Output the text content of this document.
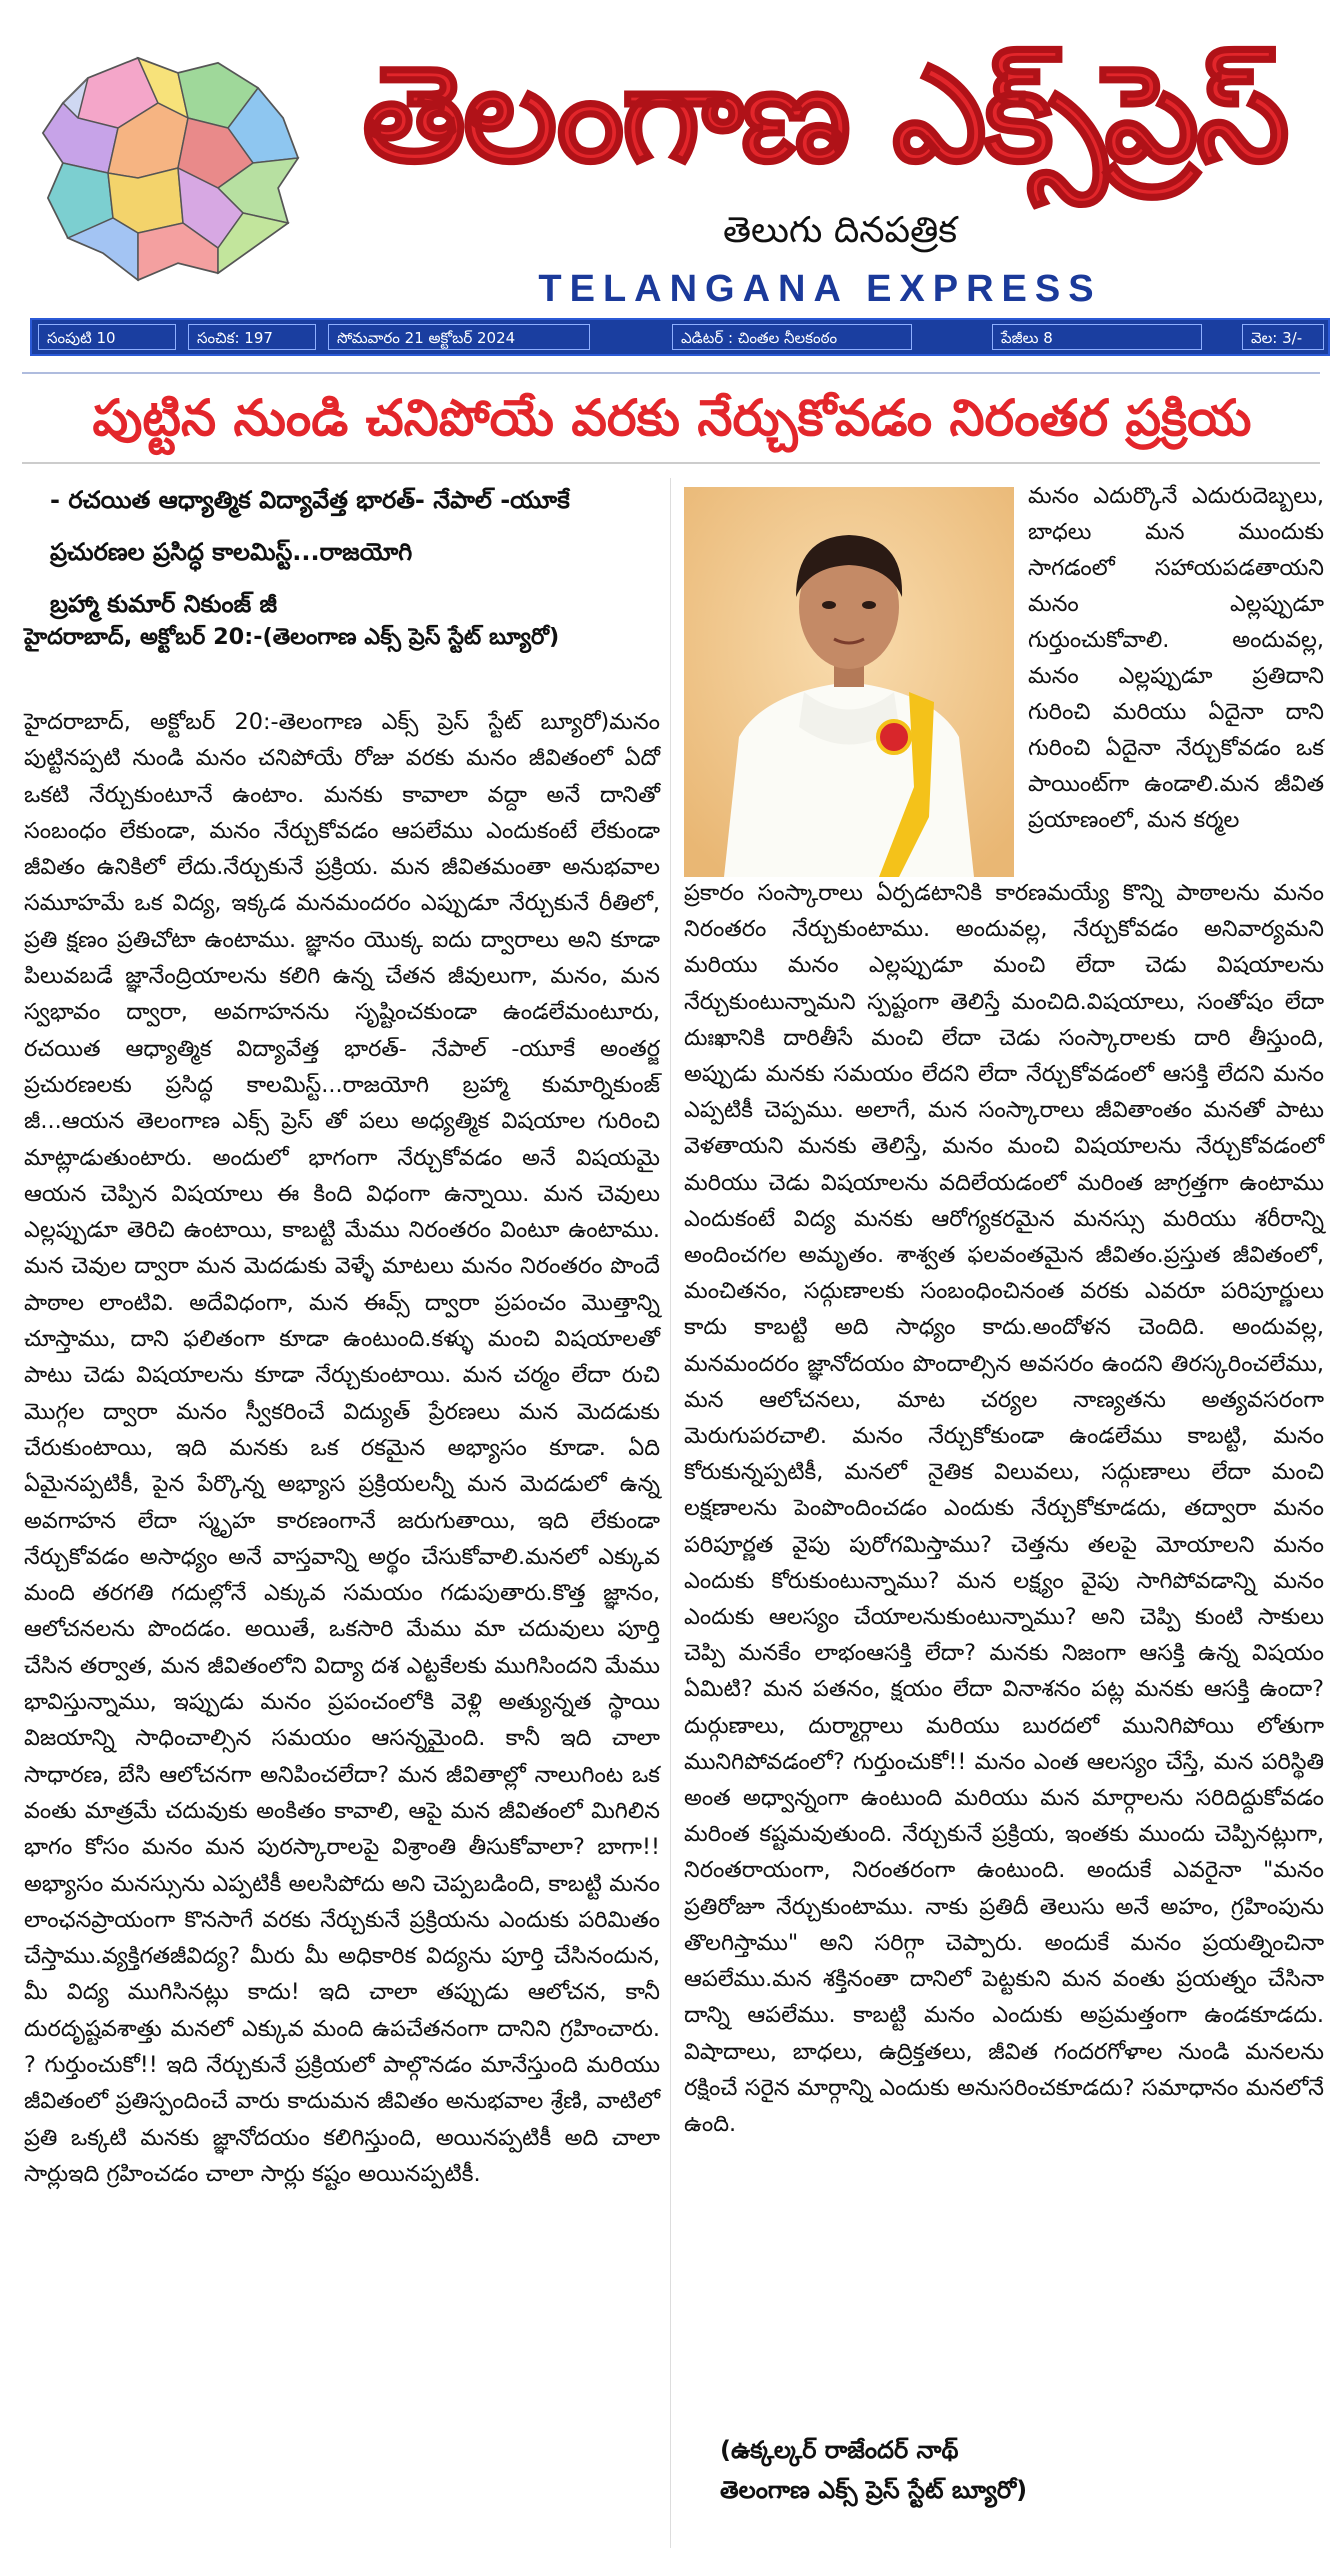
తెలంగాణ ఎక్స్‌ప్రెస్
తెలుగు దినపత్రిక
TELANGANA EXPRESS
సంపుటి 10	సంచిక: 197	సోమవారం 21 అక్టోబర్ 2024	ఎడిటర్ : చింతల నీలకంఠం	పేజీలు 8	వెల: 3/-
పుట్టిన నుండి చనిపోయే వరకు నేర్చుకోవడం నిరంతర ప్రక్రియ
- రచయిత ఆధ్యాత్మిక విద్యావేత్త భారత్- నేపాల్ -యూకే
ప్రచురణల ప్రసిద్ధ కాలమిస్ట్...రాజయోగి
బ్రహ్మా కుమార్ నికుంజ్ జీ
హైదరాబాద్, అక్టోబర్ 20:-(తెలంగాణ ఎక్స్ ప్రెస్ స్టేట్ బ్యూరో)
హైదరాబాద్, అక్టోబర్ 20:-తెలంగాణ ఎక్స్ ప్రెస్ స్టేట్ బ్యూరో)మనం పుట్టినప్పటి నుండి మనం చనిపోయే రోజు వరకు మనం జీవితంలో ఏదో ఒకటి నేర్చుకుంటూనే ఉంటాం. మనకు కావాలా వద్దా అనే దానితో సంబంధం లేకుండా, మనం నేర్చుకోవడం ఆపలేము ఎందుకంటే లేకుండా జీవితం ఉనికిలో లేదు.నేర్చుకునే ప్రక్రియ. మన జీవితమంతా అనుభవాల సమూహమే ఒక విద్య, ఇక్కడ మనమందరం ఎప్పుడూ నేర్చుకునే రీతిలో, ప్రతి క్షణం ప్రతిచోటా ఉంటాము. జ్ఞానం యొక్క ఐదు ద్వారాలు అని కూడా పిలువబడే జ్ఞానేంద్రియాలను కలిగి ఉన్న చేతన జీవులుగా, మనం, మన స్వభావం ద్వారా, అవగాహనను సృష్టించకుండా ఉండలేమంటూరు, రచయిత ఆధ్యాత్మిక విద్యావేత్త భారత్- నేపాల్ -యూకే అంతర్జ ప్రచురణలకు ప్రసిద్ధ కాలమిస్ట్...రాజయోగి బ్రహ్మా కుమార్నికుంజ్ జీ...ఆయన తెలంగాణ ఎక్స్ ప్రెస్ తో పలు అధ్యత్మిక విషయాల గురించి మాట్లాడుతుంటారు. అందులో భాగంగా నేర్చుకోవడం అనే విషయమై ఆయన చెప్పిన విషయాలు ఈ కింది విధంగా ఉన్నాయి. మన చెవులు ఎల్లప్పుడూ తెరిచి ఉంటాయి, కాబట్టి మేము నిరంతరం వింటూ ఉంటాము. మన చెవుల ద్వారా మన మెదడుకు వెళ్ళే మాటలు మనం నిరంతరం పొందే పాఠాల లాంటివి. అదేవిధంగా, మన ఈవ్స్ ద్వారా ప్రపంచం మొత్తాన్ని చూస్తాము, దాని ఫలితంగా కూడా ఉంటుంది.కళ్ళు మంచి విషయాలతో పాటు చెడు విషయాలను కూడా నేర్చుకుంటాయి. మన చర్మం లేదా రుచి మొగ్గల ద్వారా మనం స్వీకరించే విద్యుత్ ప్రేరణలు మన మెదడుకు చేరుకుంటాయి, ఇది మనకు ఒక రకమైన అభ్యాసం కూడా. ఏది ఏమైనప్పటికీ, పైన పేర్కొన్న అభ్యాస ప్రక్రియలన్నీ మన మెదడులో ఉన్న అవగాహన లేదా స్మృహ కారణంగానే జరుగుతాయి, ఇది లేకుండా నేర్చుకోవడం అసాధ్యం అనే వాస్తవాన్ని అర్థం చేసుకోవాలి.మనలో ఎక్కువ మంది తరగతి గదుల్లోనే ఎక్కువ సమయం గడుపుతారు.కొత్త జ్ఞానం, ఆలోచనలను పొందడం. అయితే, ఒకసారి మేము మా చదువులు పూర్తి చేసిన తర్వాత, మన జీవితంలోని విద్యా దశ ఎట్టకేలకు ముగిసిందని మేము భావిస్తున్నాము, ఇప్పుడు మనం ప్రపంచంలోకి వెళ్లి అత్యున్నత స్థాయి విజయాన్ని సాధించాల్సిన సమయం ఆసన్నమైంది. కానీ ఇది చాలా సాధారణ, బేసి ఆలోచనగా అనిపించలేదా? మన జీవితాల్లో నాలుగింట ఒక వంతు మాత్రమే చదువుకు అంకితం కావాలి, ఆపై మన జీవితంలో మిగిలిన భాగం కోసం మనం మన పురస్కారాలపై విశ్రాంతి తీసుకోవాలా? బాగా!! అభ్యాసం మనస్సును ఎప్పటికీ అలసిపోదు అని చెప్పబడింది, కాబట్టి మనం లాంఛనప్రాయంగా కొనసాగే వరకు నేర్చుకునే ప్రక్రియను ఎందుకు పరిమితం చేస్తాము.వ్యక్తిగతజీవిద్య? మీరు మీ అధికారిక విద్యను పూర్తి చేసినందున, మీ విద్య ముగిసినట్లు కాదు! ఇది చాలా తప్పుడు ఆలోచన, కానీ దురదృష్టవశాత్తు మనలో ఎక్కువ మంది ఉపచేతనంగా దానిని గ్రహించారు. ? గుర్తుంచుకో!! ఇది నేర్చుకునే ప్రక్రియలో పాల్గొనడం మానేస్తుంది మరియు జీవితంలో ప్రతిస్పందించే వారు కాదుమన జీవితం అనుభవాల శ్రేణి, వాటిలో ప్రతి ఒక్కటి మనకు జ్ఞానోదయం కలిగిస్తుంది, అయినప్పటికీ అది చాలా సార్లుఇది గ్రహించడం చాలా సార్లు కష్టం అయినప్పటికీ.
మనం ఎదుర్కొనే ఎదురుదెబ్బలు, బాధలు మన ముందుకు సాగడంలో సహాయపడతాయని మనం ఎల్లప్పుడూ గుర్తుంచుకోవాలి. అందువల్ల, మనం ఎల్లప్పుడూ ప్రతిదాని గురించి మరియు ఏదైనా దాని గురించి ఏదైనా నేర్చుకోవడం ఒక పాయింట్‌గా ఉండాలి.మన జీవిత ప్రయాణంలో, మన కర్మల
ప్రకారం సంస్కారాలు ఏర్పడటానికి కారణమయ్యే కొన్ని పాఠాలను మనం నిరంతరం నేర్చుకుంటాము. అందువల్ల, నేర్చుకోవడం అనివార్యమని మరియు మనం ఎల్లప్పుడూ మంచి లేదా చెడు విషయాలను నేర్చుకుంటున్నామని స్పష్టంగా తెలిస్తే మంచిది.విషయాలు, సంతోషం లేదా దుఃఖానికి దారితీసే మంచి లేదా చెడు సంస్కారాలకు దారి తీస్తుంది, అప్పుడు మనకు సమయం లేదని లేదా నేర్చుకోవడంలో ఆసక్తి లేదని మనం ఎప్పటికీ చెప్పము. అలాగే, మన సంస్కారాలు జీవితాంతం మనతో పాటు వెళతాయని మనకు తెలిస్తే, మనం మంచి విషయాలను నేర్చుకోవడంలో మరియు చెడు విషయాలను వదిలేయడంలో మరింత జాగ్రత్తగా ఉంటాము ఎందుకంటే విద్య మనకు ఆరోగ్యకరమైన మనస్సు మరియు శరీరాన్ని అందించగల అమృతం. శాశ్వత ఫలవంతమైన జీవితం.ప్రస్తుత జీవితంలో, మంచితనం, సద్గుణాలకు సంబంధించినంత వరకు ఎవరూ పరిపూర్ణులు కాదు కాబట్టి అది సాధ్యం కాదు.అందోళన చెందిది. అందువల్ల, మనమందరం జ్ఞానోదయం పొందాల్సిన అవసరం ఉందని తిరస్కరించలేము, మన ఆలోచనలు, మాట చర్యల నాణ్యతను అత్యవసరంగా మెరుగుపరచాలి. మనం నేర్చుకోకుండా ఉండలేము కాబట్టి, మనం కోరుకున్నప్పటికీ, మనలో నైతిక విలువలు, సద్గుణాలు లేదా మంచి లక్షణాలను పెంపొందించడం ఎందుకు నేర్చుకోకూడదు, తద్వారా మనం పరిపూర్ణత వైపు పురోగమిస్తాము? చెత్తను తలపై మోయాలని మనం ఎందుకు కోరుకుంటున్నాము? మన లక్ష్యం వైపు సాగిపోవడాన్ని మనం ఎందుకు ఆలస్యం చేయాలనుకుంటున్నాము? అని చెప్పి కుంటి సాకులు చెప్పి మనకేం లాభంఆసక్తి లేదా? మనకు నిజంగా ఆసక్తి ఉన్న విషయం ఏమిటి? మన పతనం, క్షయం లేదా వినాశనం పట్ల మనకు ఆసక్తి ఉందా? దుర్గుణాలు, దుర్మార్గాలు మరియు బురదలో మునిగిపోయి లోతుగా మునిగిపోవడంలో? గుర్తుంచుకో!! మనం ఎంత ఆలస్యం చేస్తే, మన పరిస్థితి అంత అధ్వాన్నంగా ఉంటుంది మరియు మన మార్గాలను సరిదిద్దుకోవడం మరింత కష్టమవుతుంది. నేర్చుకునే ప్రక్రియ, ఇంతకు ముందు చెప్పినట్లుగా, నిరంతరాయంగా, నిరంతరంగా ఉంటుంది. అందుకే ఎవరైనా "మనం ప్రతిరోజూ నేర్చుకుంటాము. నాకు ప్రతిదీ తెలుసు అనే అహం, గ్రహింపును తొలగిస్తాము" అని సరిగ్గా చెప్పారు. అందుకే మనం ప్రయత్నించినా ఆపలేము.మన శక్తినంతా దానిలో పెట్టకుని మన వంతు ప్రయత్నం చేసినా దాన్ని ఆపలేము. కాబట్టి మనం ఎందుకు అప్రమత్తంగా ఉండకూడదు. విషాదాలు, బాధలు, ఉద్రిక్తతలు, జీవిత గందరగోళాల నుండి మనలను రక్షించే సరైన మార్గాన్ని ఎందుకు అనుసరించకూడదు? సమాధానం మనలోనే ఉంది.
(ఉక్కల్కర్ రాజేందర్ నాథ్
తెలంగాణ ఎక్స్ ప్రెస్ స్టేట్ బ్యూరో)
